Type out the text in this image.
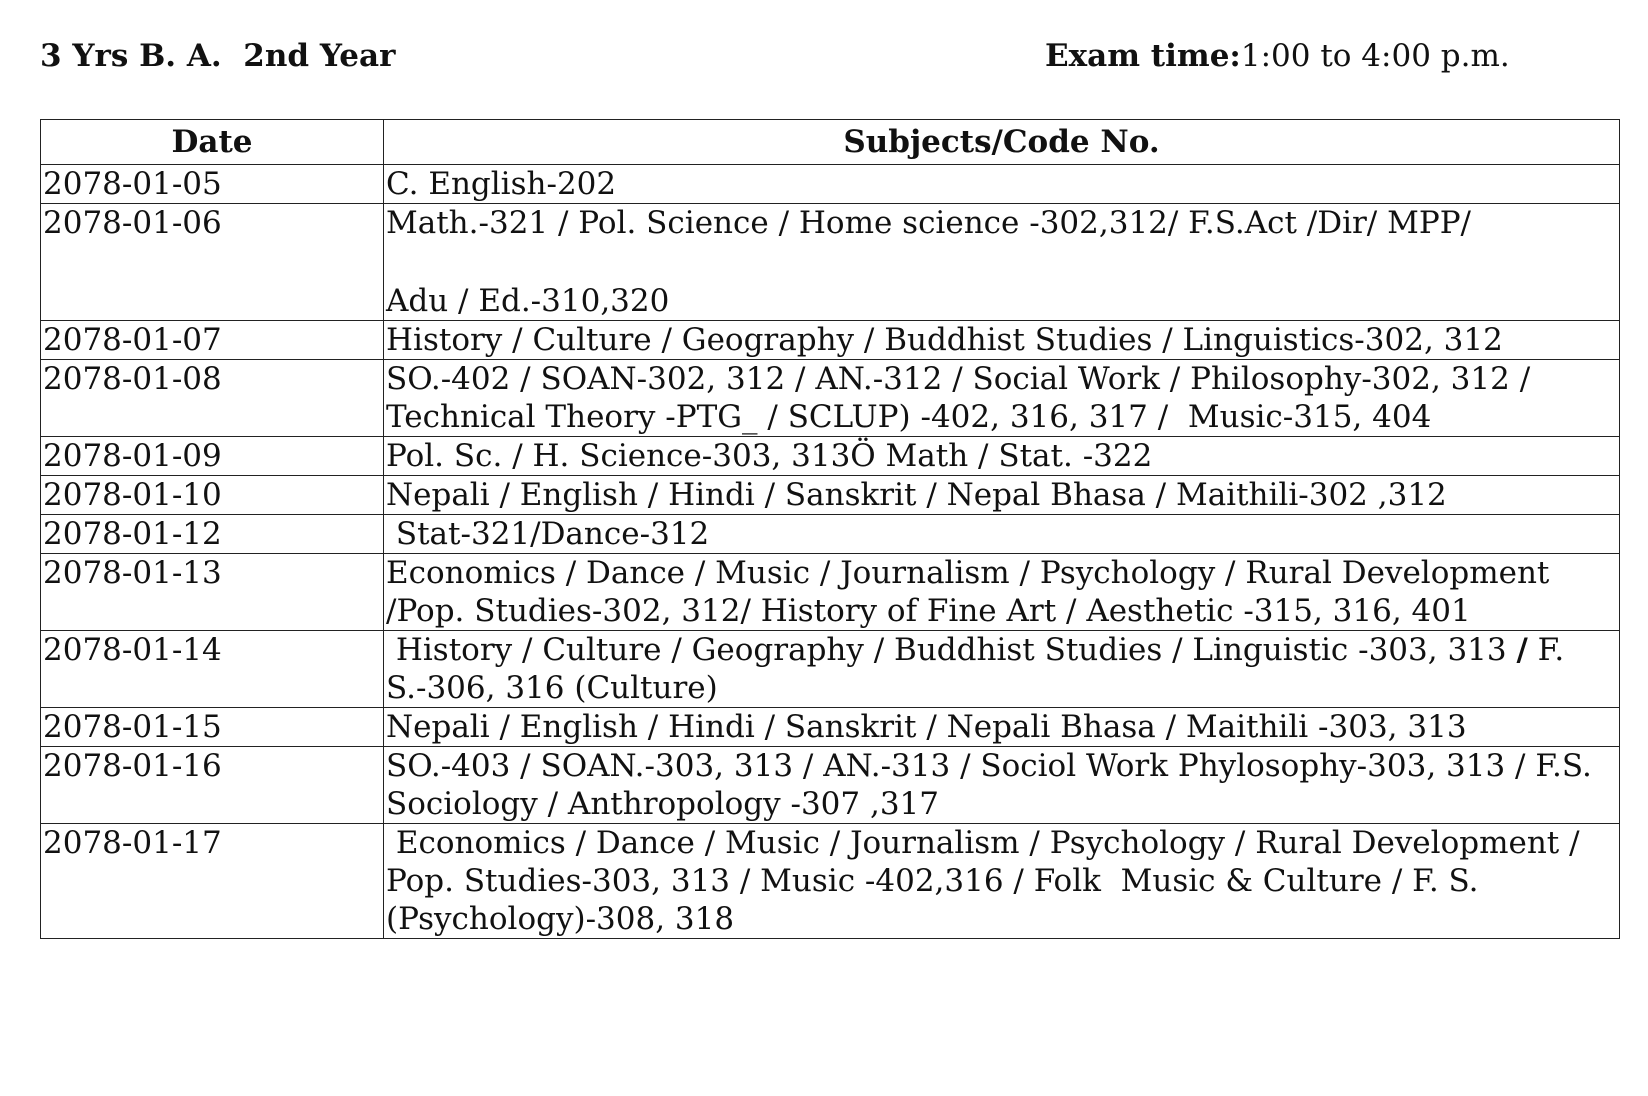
3 Yrs B. A.  2nd Year	Exam time:1:00 to 4:00 p.m.
Date	Subjects/Code No.
2078-01-05	C. English-202
2078-01-06	Math.-321 / Pol. Science / Home science -302,312/ F.S.Act /Dir/ MPP/
Adu / Ed.-310,320

2078-01-07	History / Culture / Geography / Buddhist Studies / Linguistics-302, 312
2078-01-08	SO.-402 / SOAN-302, 312 / AN.-312 / Social Work / Philosophy-302, 312 / Technical Theory -PTG_ / SCLUP) -402, 316, 317 /  Music-315, 404
2078-01-09	Pol. Sc. / H. Science-303, 313Ö Math / Stat. -322
2078-01-10	Nepali / English / Hindi / Sanskrit / Nepal Bhasa / Maithili-302 ,312
2078-01-12	Stat-321/Dance-312
2078-01-13	Economics / Dance / Music / Journalism / Psychology / Rural Development /Pop. Studies-302, 312/ History of Fine Art / Aesthetic -315, 316, 401
2078-01-14	History / Culture / Geography / Buddhist Studies / Linguistic -303, 313 / F. S.-306, 316 (Culture)
2078-01-15	Nepali / English / Hindi / Sanskrit / Nepali Bhasa / Maithili -303, 313
2078-01-16	SO.-403 / SOAN.-303, 313 / AN.-313 / Sociol Work Phylosophy-303, 313 / F.S. Sociology / Anthropology -307 ,317
2078-01-17	Economics / Dance / Music / Journalism / Psychology / Rural Development / Pop. Studies-303, 313 / Music -402,316 / Folk  Music & Culture / F. S. (Psychology)-308, 318
